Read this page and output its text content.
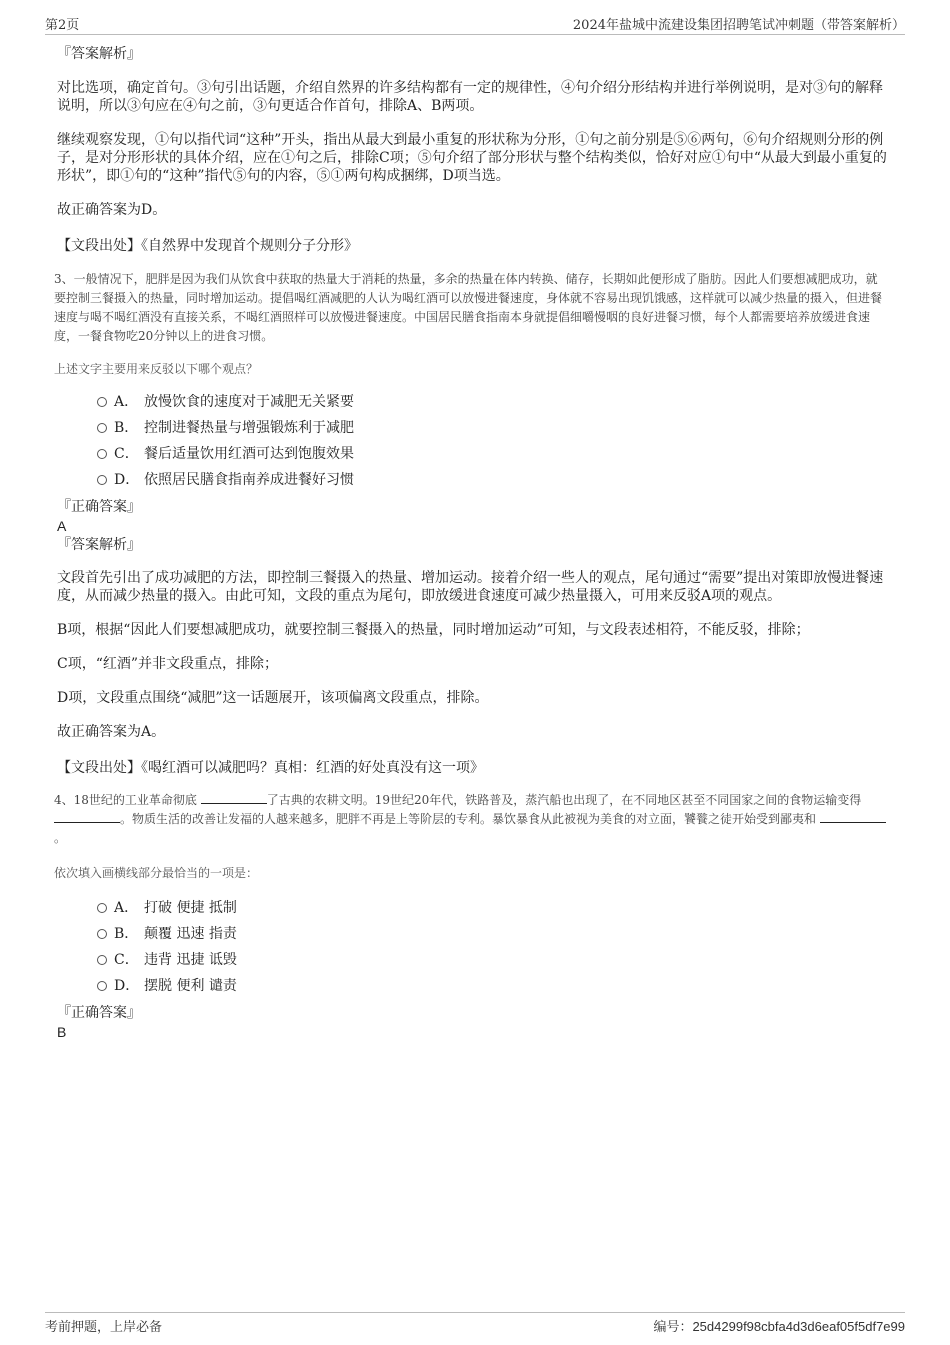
第2页	2024年盐城中流建设集团招聘笔试冲刺题（带答案解析）

『答案解析』

对比选项，确定首句。③句引出话题，介绍自然界的许多结构都有一定的规律性，④句介绍分形结构并进行举例说明，是对③句的解释说明，所以③句应在④句之前，③句更适合作首句，排除A、B两项。

继续观察发现，①句以指代词“这种”开头，指出从最大到最小重复的形状称为分形，①句之前分别是⑤⑥两句，⑥句介绍规则分形的例子，是对分形形状的具体介绍，应在①句之后，排除C项；⑤句介绍了部分形状与整个结构类似，恰好对应①句中“从最大到最小重复的形状”，即①句的“这种”指代⑤句的内容，⑤①两句构成捆绑，D项当选。

故正确答案为D。

【文段出处】《自然界中发现首个规则分子分形》

3、一般情况下，肥胖是因为我们从饮食中获取的热量大于消耗的热量，多余的热量在体内转换、储存，长期如此便形成了脂肪。因此人们要想减肥成功，就要控制三餐摄入的热量，同时增加运动。提倡喝红酒减肥的人认为喝红酒可以放慢进餐速度，身体就不容易出现饥饿感，这样就可以减少热量的摄入，但进餐速度与喝不喝红酒没有直接关系，不喝红酒照样可以放慢进餐速度。中国居民膳食指南本身就提倡细嚼慢咽的良好进餐习惯，每个人都需要培养放缓进食速度，一餐食物吃20分钟以上的进食习惯。

上述文字主要用来反驳以下哪个观点？

A． 放慢饮食的速度对于减肥无关紧要
B． 控制进餐热量与增强锻炼利于减肥
C． 餐后适量饮用红酒可达到饱腹效果
D． 依照居民膳食指南养成进餐好习惯

『正确答案』

A

『答案解析』

文段首先引出了成功减肥的方法，即控制三餐摄入的热量、增加运动。接着介绍一些人的观点，尾句通过“需要”提出对策即放慢进餐速度，从而减少热量的摄入。由此可知，文段的重点为尾句，即放缓进食速度可减少热量摄入，可用来反驳A项的观点。

B项，根据“因此人们要想减肥成功，就要控制三餐摄入的热量，同时增加运动”可知，与文段表述相符，不能反驳，排除；

C项，“红酒”并非文段重点，排除；

D项，文段重点围绕“减肥”这一话题展开，该项偏离文段重点，排除。

故正确答案为A。

【文段出处】《喝红酒可以减肥吗？真相：红酒的好处真没有这一项》

4、18世纪的工业革命彻底	了古典的农耕文明。19世纪20年代，铁路普及，蒸汽船也出现了，在不同地区甚至不同国家之间的食物运输变得 。物质生活的改善让发福的人越来越多，肥胖不再是上等阶层的专利。暴饮暴食从此被视为美食的对立面，饕餮之徒开始受到鄙夷和 。

依次填入画横线部分最恰当的一项是：

A． 打破 便捷 抵制
B． 颠覆 迅速 指责
C． 违背 迅捷 诋毁
D． 摆脱 便利 谴责

『正确答案』

B

考前押题，上岸必备	编号：25d4299f98cbfa4d3d6eaf05f5df7e99
